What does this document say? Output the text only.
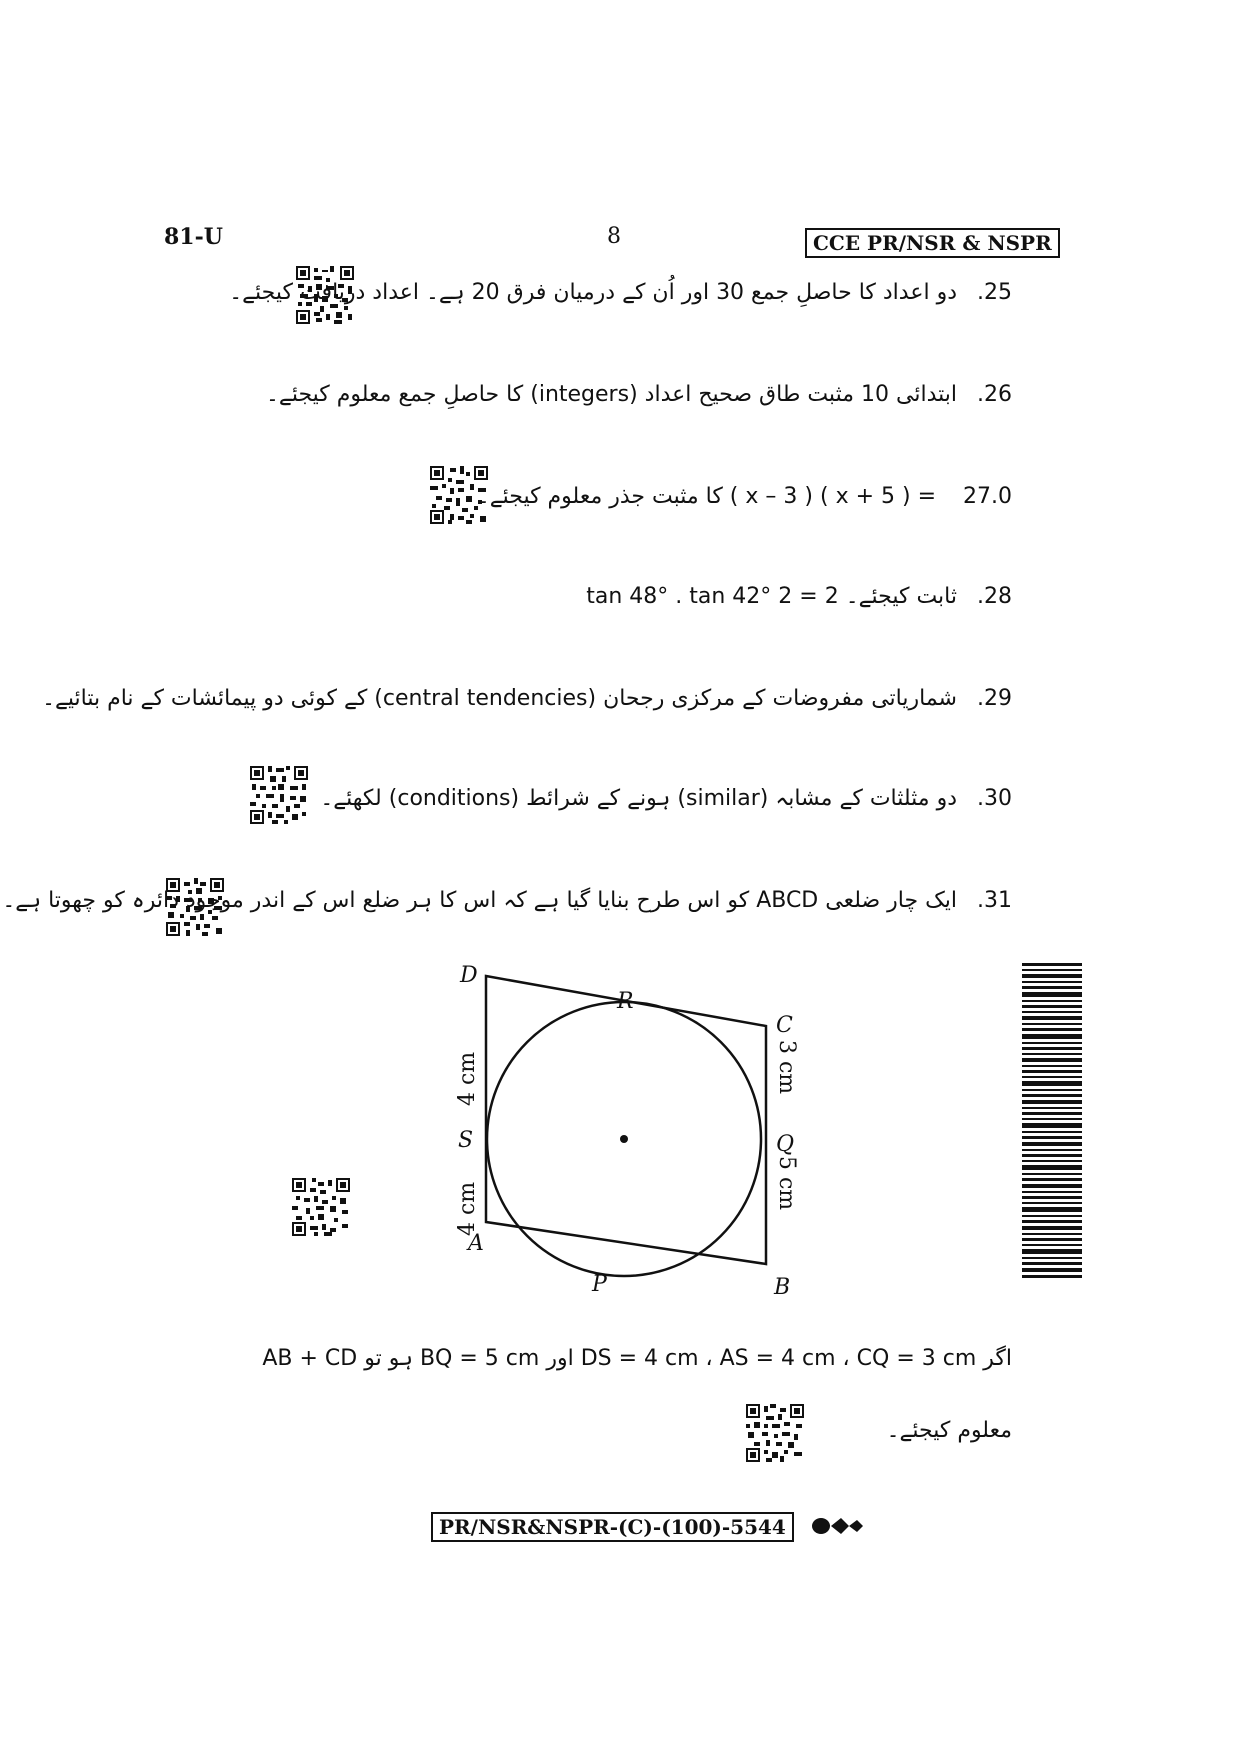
81-U	8	CCE PR/NSR & NSPR
25.دو اعداد کا حاصلِ جمع 30 اور اُن کے درمیان فرق 20 ہے۔ اعداد دریافت کیجئے۔
26.ابتدائی 10 مثبت طاق صحیح اعداد (integers) کا حاصلِ جمع معلوم کیجئے۔
27.0 = ( x + 5 ) ( x – 3 ) کا مثبت جذر معلوم کیجئے۔
28.ثابت کیجئے۔ 2 = 2 tan 48° . tan 42°
29.شماریاتی مفروضات کے مرکزی رجحان (central tendencies) کے کوئی دو پیمائشات کے نام بتائیے۔
30.دو مثلثات کے مشابہ (similar) ہونے کے شرائط (conditions) لکھئے۔
31.ایک چار ضلعی ABCD کو اس طرح بنایا گیا ہے کہ اس کا ہر ضلع اس کے اندر موجود دائرہ کو چھوتا ہے۔
D
C
A
B
R
S	Q
P
4 cm
4 cm
3 cm
5 cm
اگر DS = 4 cm ، AS = 4 cm ، CQ = 3 cm اور BQ = 5 cm ہو تو AB + CD
معلوم کیجئے۔
PR/NSR&NSPR-(C)-(100)-5544
